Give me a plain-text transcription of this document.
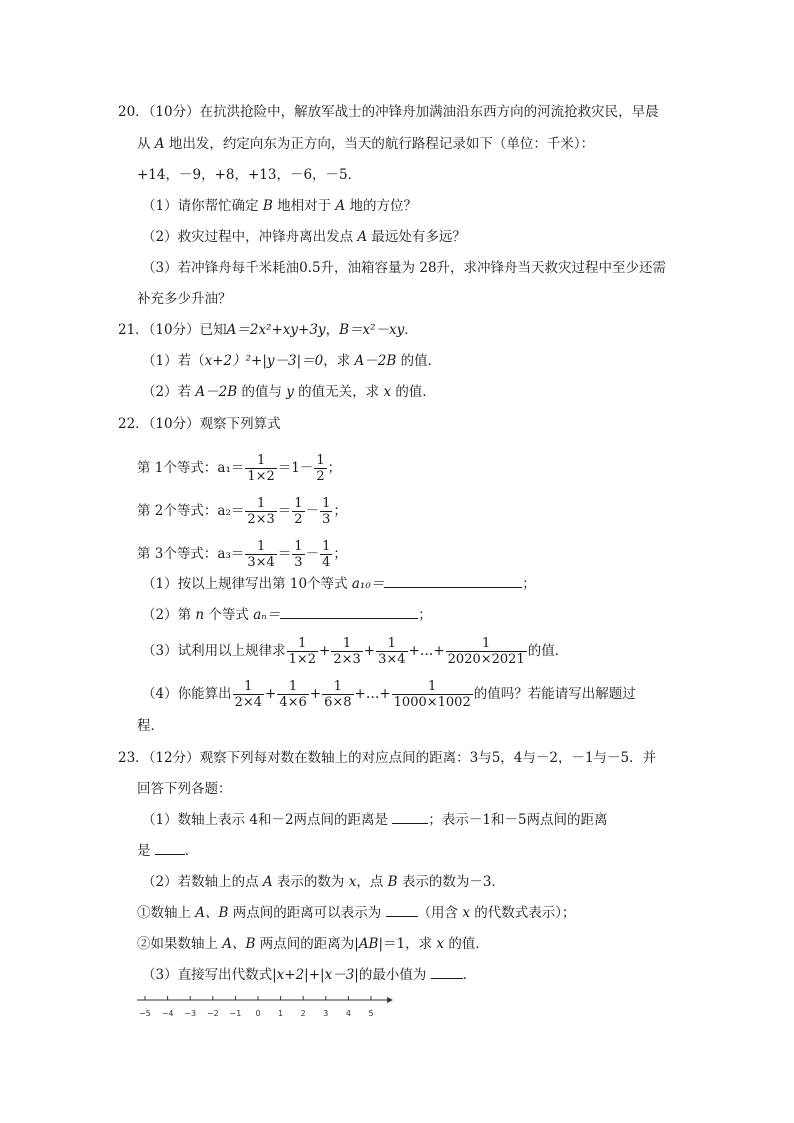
20．（10分）在抗洪抢险中，解放军战士的冲锋舟加满油沿东西方向的河流抢救灾民，早晨
从 A 地出发，约定向东为正方向，当天的航行路程记录如下（单位：千米）：
+14，－9，+8，+13，－6，－5．
（1）请你帮忙确定 B 地相对于 A 地的方位？
（2）救灾过程中，冲锋舟离出发点 A 最远处有多远？
（3）若冲锋舟每千米耗油0.5升，油箱容量为 28升，求冲锋舟当天救灾过程中至少还需
补充多少升油？
21．（10分）已知A＝2x²+xy+3y，B＝x²－xy．
（1）若（x+2）²+|y－3|＝0，求 A－2B 的值．
（2）若 A－2B 的值与 y 的值无关，求 x 的值．
22．（10分）观察下列算式
第 1个等式：$a_1= \frac{1}{1\times 2} =1- \frac{1}{2}$ ；
第 2个等式：$a_2= \frac{1}{2\times 3} = \frac{1}{2} - \frac{1}{3}$ ；
第 3个等式：$a_3= \frac{1}{3\times 4} = \frac{1}{3} - \frac{1}{4}$ ；
（1）按以上规律写出第 10个等式 a₁₀＝	；
（2）第 n 个等式 aₙ＝	；
（3）试利用以上规律求 $\frac{1}{1\times 2} + \frac{1}{2\times 3} + \frac{1}{3\times 4}$ +…+ $\frac{1}{2020\times 2021}$ 的值．
（4）你能算出 $\frac{1}{2\times 4} + \frac{1}{4\times 6} + \frac{1}{6\times 8}$ +…+ $\frac{1}{1000\times 1002}$ 的值吗？若能请写出解题过
程．
23．（12分）观察下列每对数在数轴上的对应点间的距离：3与5，4与－2，－1与－5．并
回答下列各题：
（1）数轴上表示 4和－2两点间的距离是	；表示－1和－5两点间的距离
是 ．
（2）若数轴上的点 A 表示的数为 x，点 B 表示的数为－3．
①数轴上 A、B 两点间的距离可以表示为 （用含 x 的代数式表示）；
②如果数轴上 A、B 两点间的距离为|AB|＝1，求 x 的值．
（3）直接写出代数式|x+2|+|x－3|的最小值为 ．
−5 −4 −3 −2 −1 0 1 2 3 4 5
